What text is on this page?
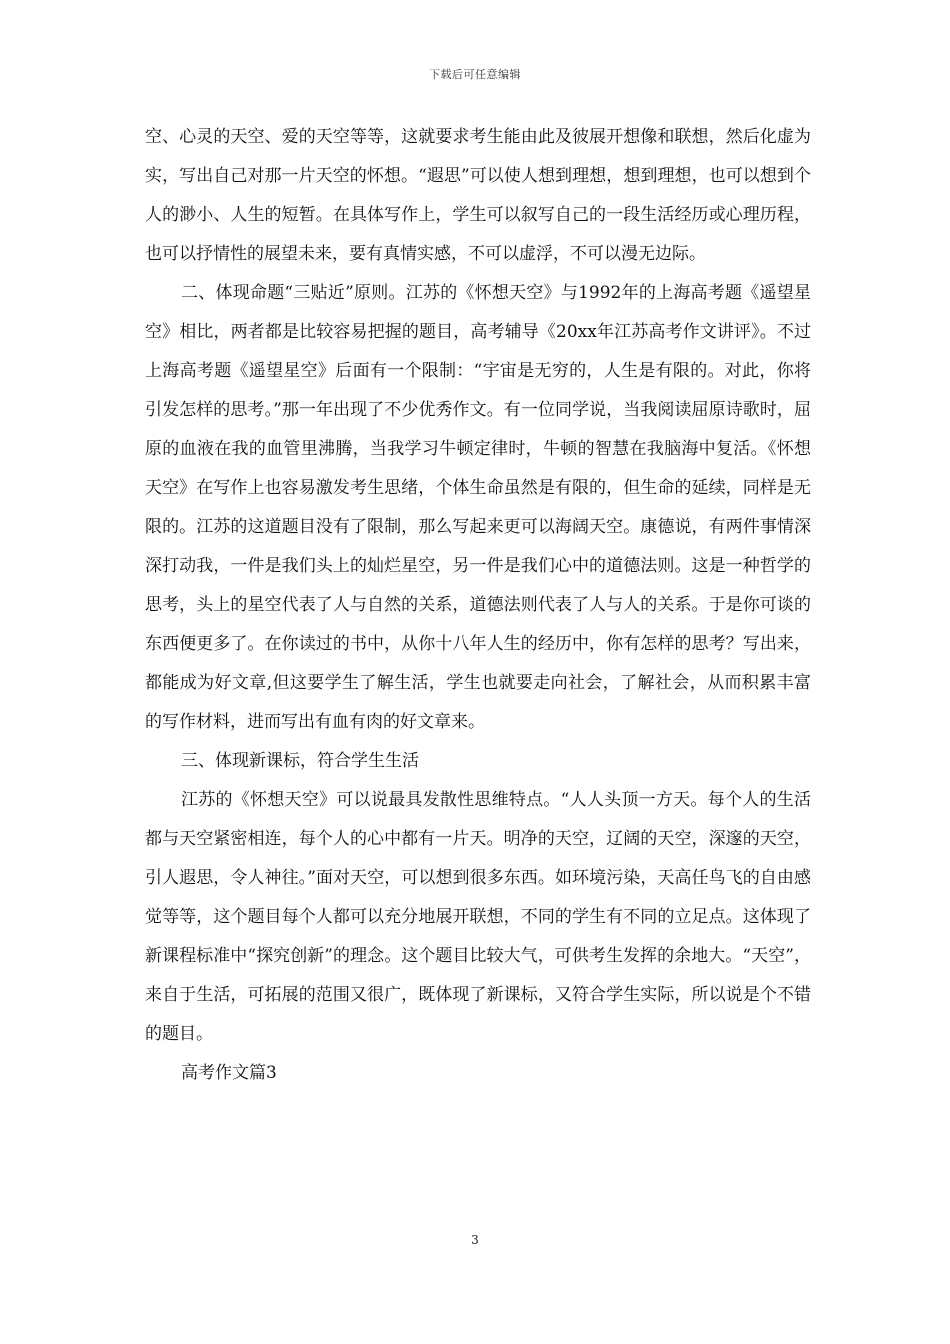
下载后可任意编辑

空、心灵的天空、爱的天空等等，这就要求考生能由此及彼展开想像和联想，然后化虚为实，写出自己对那一片天空的怀想。“遐思”可以使人想到理想，想到理想，也可以想到个人的渺小、人生的短暂。在具体写作上，学生可以叙写自己的一段生活经历或心理历程，也可以抒情性的展望未来，要有真情实感，不可以虚浮，不可以漫无边际。

二、体现命题“三贴近”原则。江苏的《怀想天空》与1992年的上海高考题《遥望星空》相比，两者都是比较容易把握的题目，高考辅导《20xx年江苏高考作文讲评》。不过上海高考题《遥望星空》后面有一个限制：“宇宙是无穷的，人生是有限的。对此，你将引发怎样的思考。”那一年出现了不少优秀作文。有一位同学说，当我阅读屈原诗歌时，屈原的血液在我的血管里沸腾，当我学习牛顿定律时，牛顿的智慧在我脑海中复活。《怀想天空》在写作上也容易激发考生思绪，个体生命虽然是有限的，但生命的延续，同样是无限的。江苏的这道题目没有了限制，那么写起来更可以海阔天空。康德说，有两件事情深深打动我，一件是我们头上的灿烂星空，另一件是我们心中的道德法则。这是一种哲学的思考，头上的星空代表了人与自然的关系，道德法则代表了人与人的关系。于是你可谈的东西便更多了。在你读过的书中，从你十八年人生的经历中，你有怎样的思考？写出来，都能成为好文章,但这要学生了解生活，学生也就要走向社会，了解社会，从而积累丰富的写作材料，进而写出有血有肉的好文章来。

三、体现新课标，符合学生生活

江苏的《怀想天空》可以说最具发散性思维特点。“人人头顶一方天。每个人的生活都与天空紧密相连，每个人的心中都有一片天。明净的天空，辽阔的天空，深邃的天空，引人遐思，令人神往。”面对天空，可以想到很多东西。如环境污染，天高任鸟飞的自由感觉等等，这个题目每个人都可以充分地展开联想，不同的学生有不同的立足点。这体现了新课程标准中“探究创新”的理念。这个题目比较大气，可供考生发挥的余地大。“天空”，来自于生活，可拓展的范围又很广，既体现了新课标，又符合学生实际，所以说是个不错的题目。

高考作文篇3

3
